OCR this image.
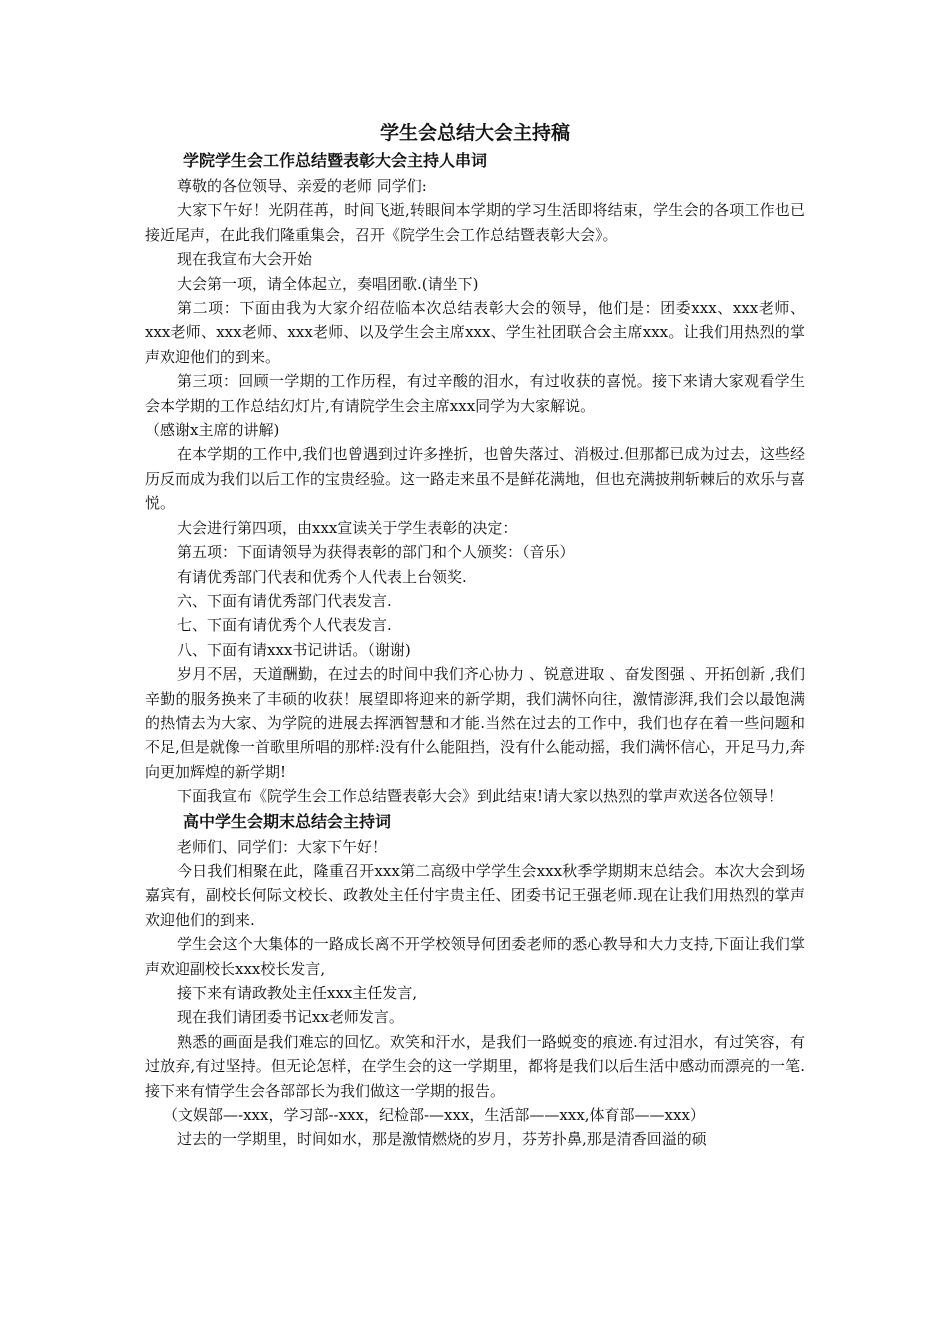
学生会总结大会主持稿
学院学生会工作总结暨表彰大会主持人串词

尊敬的各位领导、亲爱的老师 同学们:

大家下午好！光阴荏苒，时间飞逝,转眼间本学期的学习生活即将结束，学生会的各项工作也已接近尾声，在此我们隆重集会，召开《院学生会工作总结暨表彰大会》。

现在我宣布大会开始

大会第一项，请全体起立，奏唱团歌.(请坐下)

第二项：下面由我为大家介绍莅临本次总结表彰大会的领导，他们是：团委xxx、xxx老师、xxx老师、xxx老师、xxx老师、以及学生会主席xxx、学生社团联合会主席xxx。让我们用热烈的掌声欢迎他们的到来。

第三项：回顾一学期的工作历程，有过辛酸的泪水，有过收获的喜悦。接下来请大家观看学生会本学期的工作总结幻灯片,有请院学生会主席xxx同学为大家解说。

（感谢x主席的讲解)

在本学期的工作中,我们也曾遇到过许多挫折，也曾失落过、消极过.但那都已成为过去，这些经历反而成为我们以后工作的宝贵经验。这一路走来虽不是鲜花满地，但也充满披荆斩棘后的欢乐与喜悦。

大会进行第四项，由xxx宣读关于学生表彰的决定：

第五项：下面请领导为获得表彰的部门和个人颁奖：（音乐）

有请优秀部门代表和优秀个人代表上台领奖.

六、下面有请优秀部门代表发言.

七、下面有请优秀个人代表发言.

八、下面有请xxx书记讲话。（谢谢)

岁月不居，天道酬勤，在过去的时间中我们齐心协力 、锐意进取 、奋发图强 、开拓创新 ,我们辛勤的服务换来了丰硕的收获！展望即将迎来的新学期，我们满怀向往，激情澎湃,我们会以最饱满的热情去为大家、为学院的进展去挥洒智慧和才能.当然在过去的工作中，我们也存在着一些问题和不足,但是就像一首歌里所唱的那样:没有什么能阻挡，没有什么能动摇，我们满怀信心，开足马力,奔向更加辉煌的新学期!

下面我宣布《院学生会工作总结暨表彰大会》到此结束!请大家以热烈的掌声欢送各位领导！

高中学生会期末总结会主持词

老师们、同学们：大家下午好！

今日我们相聚在此，隆重召开xxx第二高级中学学生会xxx秋季学期期末总结会。本次大会到场嘉宾有，副校长何际文校长、政教处主任付宇贵主任、团委书记王强老师.现在让我们用热烈的掌声欢迎他们的到来.

学生会这个大集体的一路成长离不开学校领导何团委老师的悉心教导和大力支持,下面让我们掌声欢迎副校长xxx校长发言,

接下来有请政教处主任xxx主任发言,

现在我们请团委书记xx老师发言。

熟悉的画面是我们难忘的回忆。欢笑和汗水，是我们一路蜕变的痕迹.有过泪水，有过笑容，有过放弃,有过坚持。但无论怎样，在学生会的这一学期里，都将是我们以后生活中感动而漂亮的一笔.接下来有情学生会各部部长为我们做这一学期的报告。

（文娱部—-xxx，学习部--xxx，纪检部-—xxx，生活部——xxx,体育部——xxx）

过去的一学期里，时间如水，那是激情燃烧的岁月，芬芳扑鼻,那是清香回溢的硕
